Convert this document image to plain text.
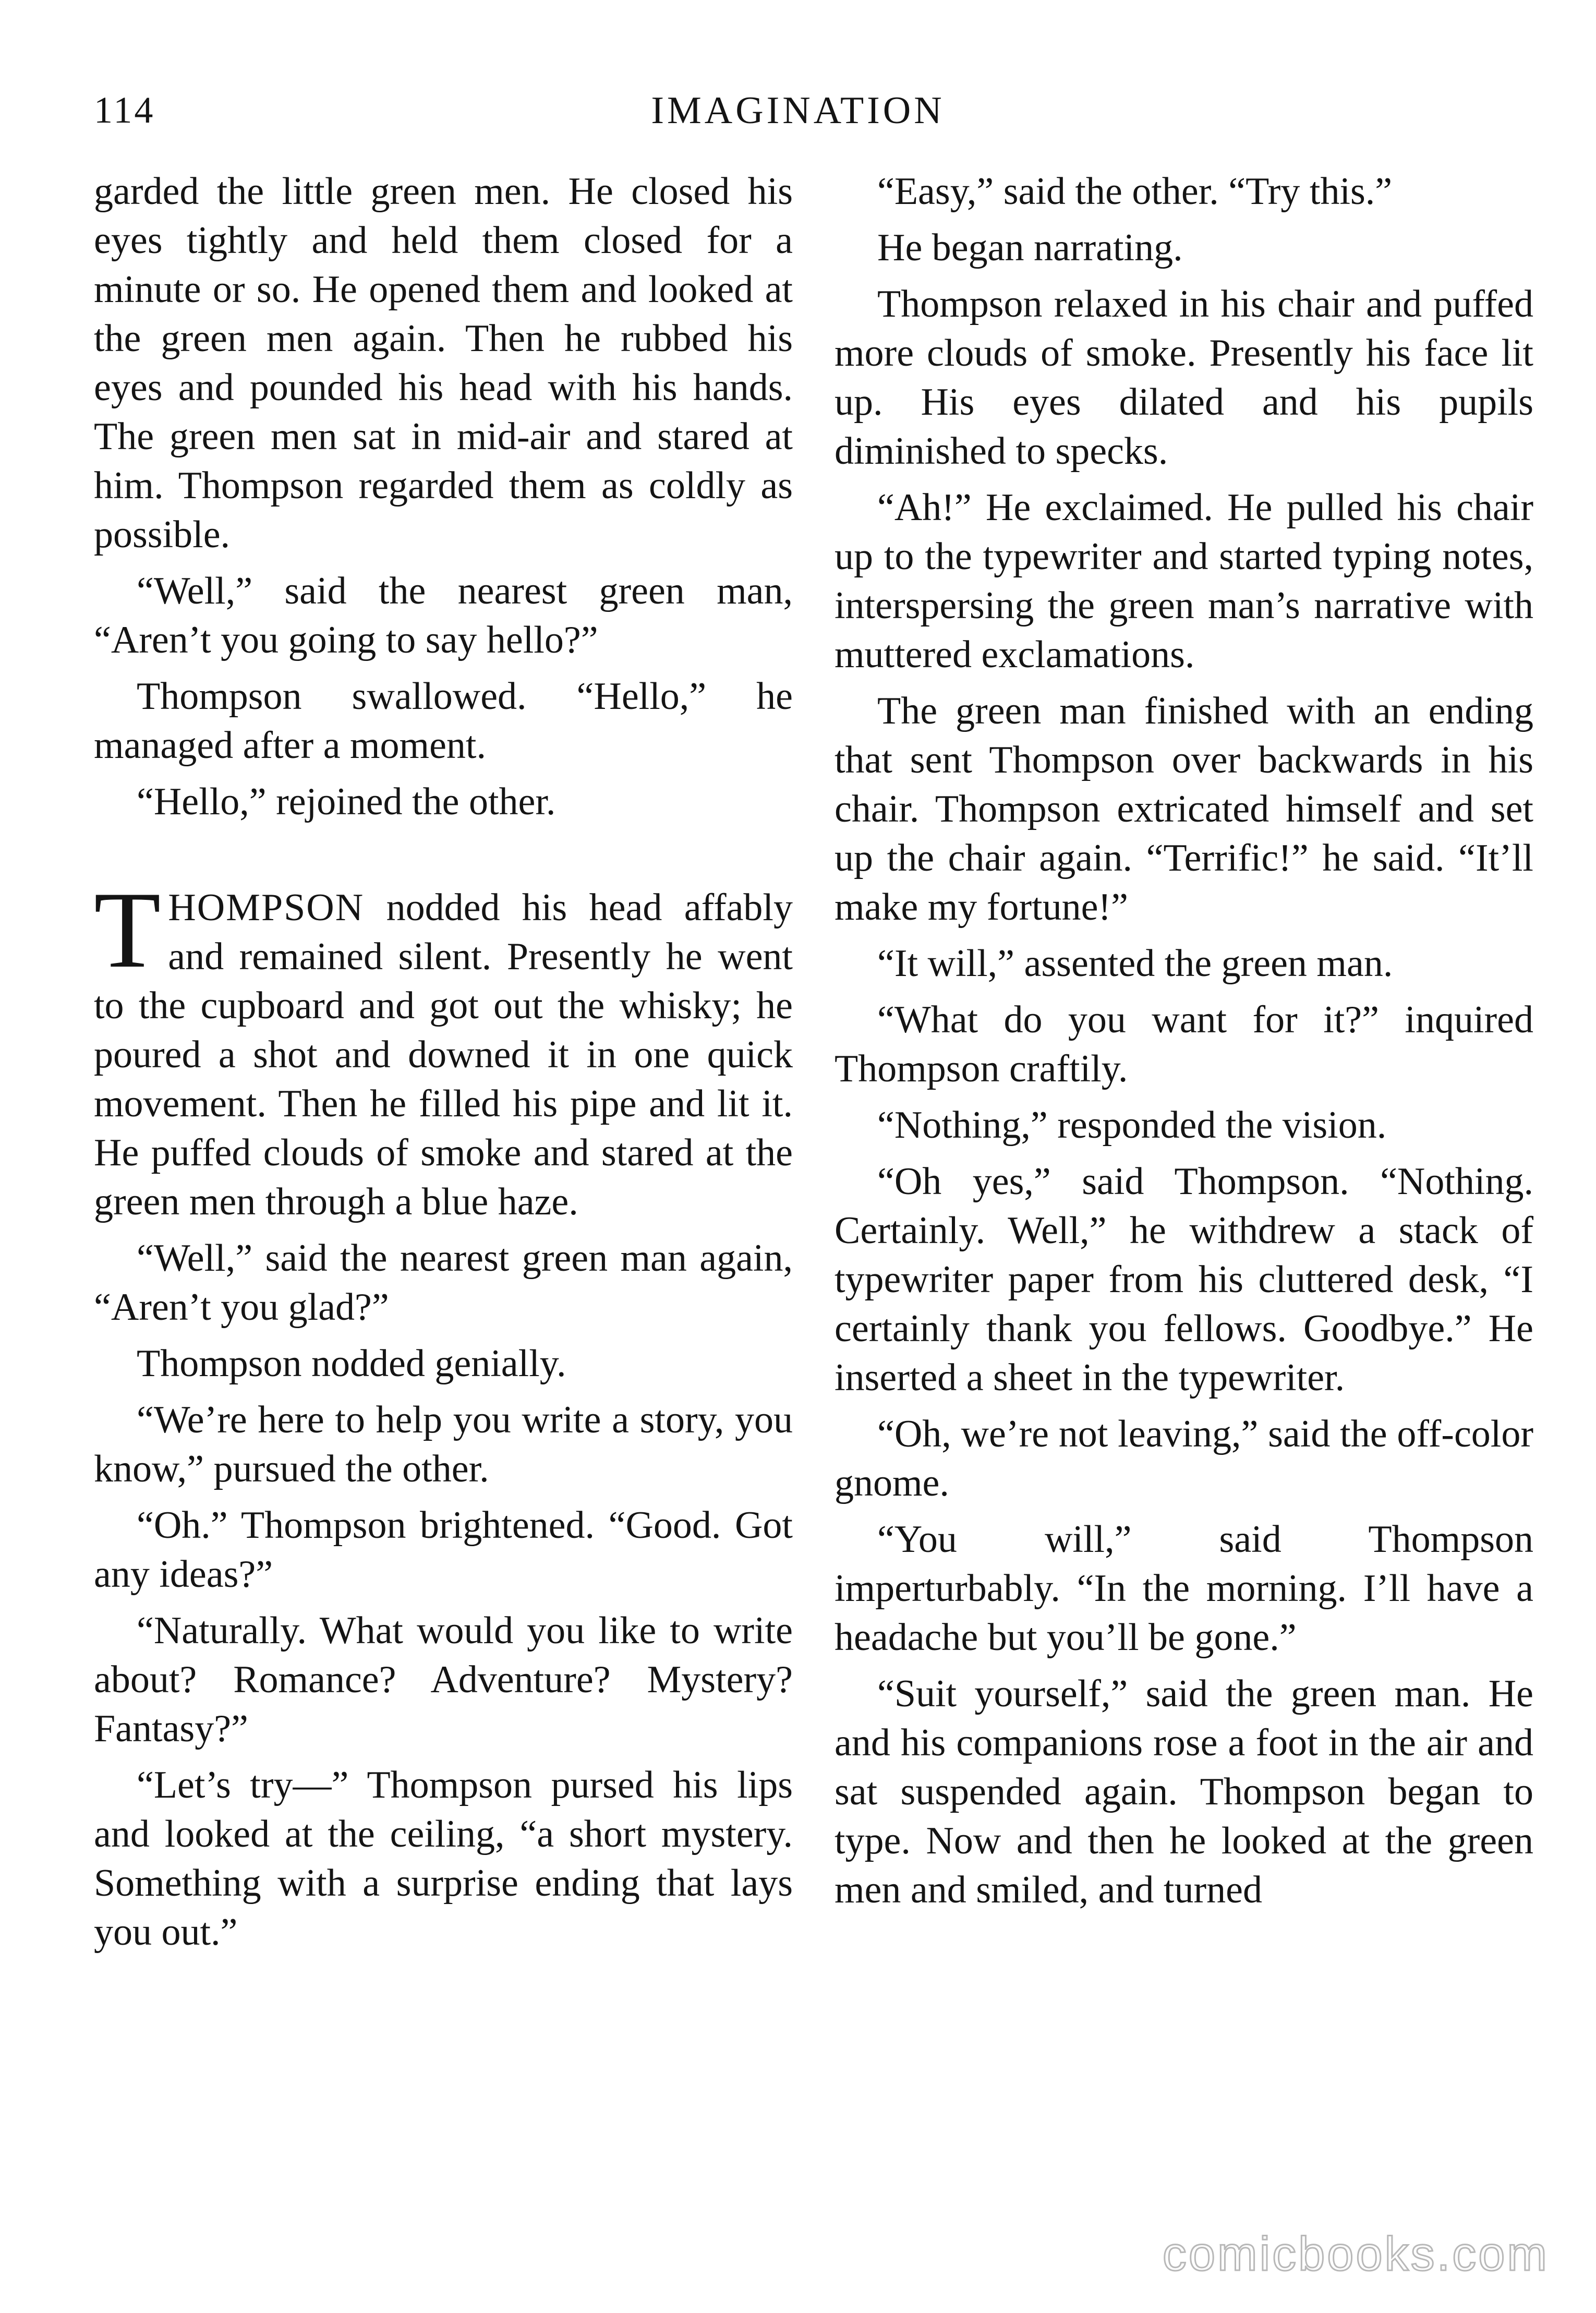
114	IMAGINATION

garded the little green men. He closed his eyes tightly and held them closed for a minute or so. He opened them and looked at the green men again. Then he rubbed his eyes and pounded his head with his hands. The green men sat in mid-air and stared at him. Thompson regarded them as coldly as possible.

“Well,” said the nearest green man, “Aren’t you going to say hello?”

Thompson swallowed. “Hello,” he managed after a moment.

“Hello,” rejoined the other.

THOMPSON nodded his head affably and remained silent. Presently he went to the cupboard and got out the whisky; he poured a shot and downed it in one quick movement. Then he filled his pipe and lit it. He puffed clouds of smoke and stared at the green men through a blue haze.

“Well,” said the nearest green man again, “Aren’t you glad?”

Thompson nodded genially.

“We’re here to help you write a story, you know,” pursued the other.

“Oh.” Thompson brightened. “Good. Got any ideas?”

“Naturally. What would you like to write about? Romance? Adventure? Mystery? Fantasy?”

“Let’s try—” Thompson pursed his lips and looked at the ceiling, “a short mystery. Something with a surprise ending that lays you out.”

“Easy,” said the other. “Try this.”

He began narrating.

Thompson relaxed in his chair and puffed more clouds of smoke. Presently his face lit up. His eyes dilated and his pupils diminished to specks.

“Ah!” He exclaimed. He pulled his chair up to the typewriter and started typing notes, interspersing the green man’s narrative with muttered exclamations.

The green man finished with an ending that sent Thompson over backwards in his chair. Thompson extricated himself and set up the chair again. “Terrific!” he said. “It’ll make my fortune!”

“It will,” assented the green man.

“What do you want for it?” inquired Thompson craftily.

“Nothing,” responded the vision.

“Oh yes,” said Thompson. “Nothing. Certainly. Well,” he withdrew a stack of typewriter paper from his cluttered desk, “I certainly thank you fellows. Goodbye.” He inserted a sheet in the typewriter.

“Oh, we’re not leaving,” said the off-color gnome.

“You will,” said Thompson imperturbably. “In the morning. I’ll have a headache but you’ll be gone.”

“Suit yourself,” said the green man. He and his companions rose a foot in the air and sat suspended again. Thompson began to type. Now and then he looked at the green men and smiled, and turned

comicbooks.com
